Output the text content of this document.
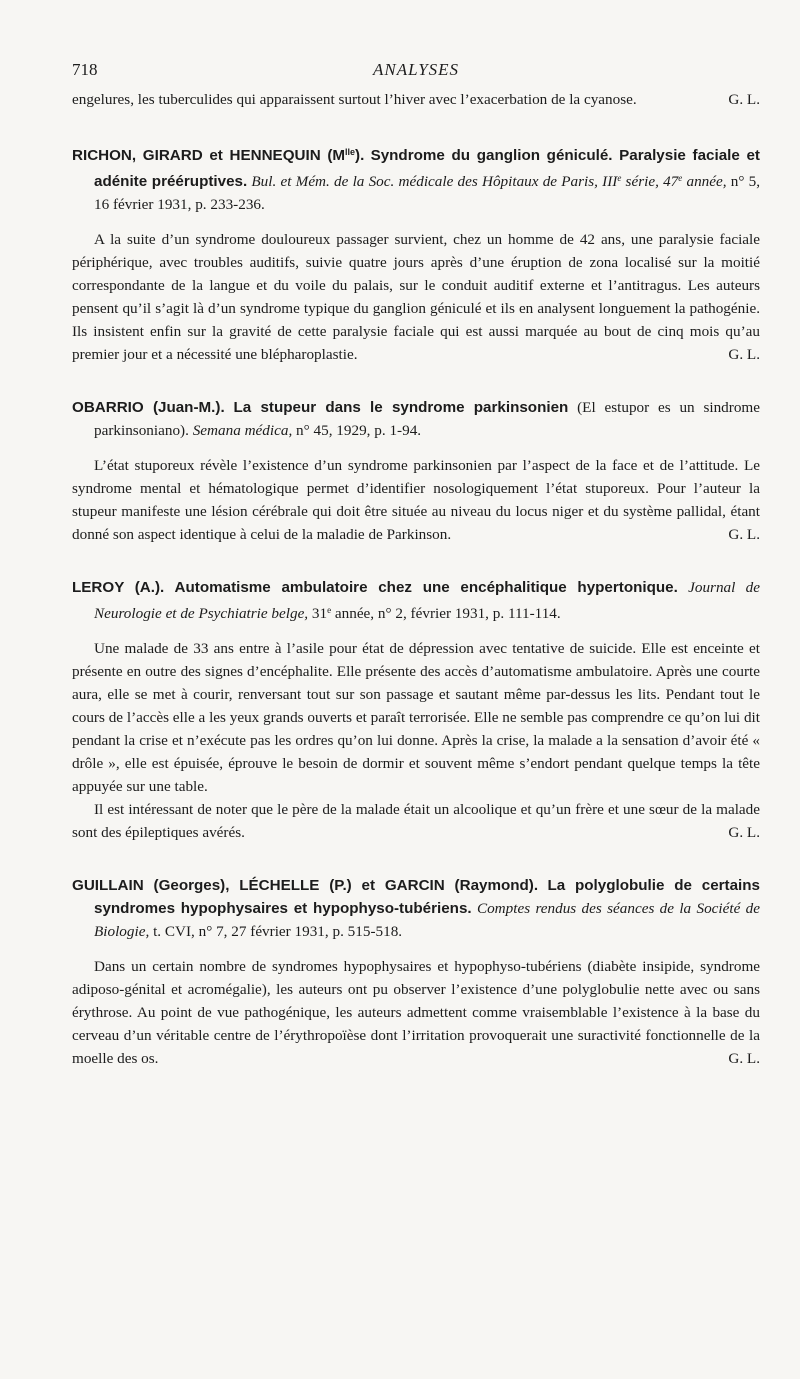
718	ANALYSES

engelures, les tuberculides qui apparaissent surtout l’hiver avec l’exacerbation de la cyanose.	G. L.

RICHON, GIRARD et HENNEQUIN $(M^{lle})$. Syndrome du ganglion géniculé. Paralysie faciale et adénite prééruptives. Bul. et Mém. de la Soc. médicale des Hôpitaux de Paris, IIIe série, 47e année, n° 5, 16 février 1931, p. 233-236.

A la suite d’un syndrome douloureux passager survient, chez un homme de 42 ans, une paralysie faciale périphérique, avec troubles auditifs, suivie quatre jours après d’une éruption de zona localisé sur la moitié correspondante de la langue et du voile du palais, sur le conduit auditif externe et l’antitragus. Les auteurs pensent qu’il s’agit là d’un syndrome typique du ganglion géniculé et ils en analysent longuement la pathogénie. Ils insistent enfin sur la gravité de cette paralysie faciale qui est aussi marquée au bout de cinq mois qu’au premier jour et a nécessité une blépharoplastie.	G. L.

OBARRIO (Juan-M.). La stupeur dans le syndrome parkinsonien (El estupor es un sindrome parkinsoniano). Semana médica, n° 45, 1929, p. 1-94.

L’état stuporeux révèle l’existence d’un syndrome parkinsonien par l’aspect de la face et de l’attitude. Le syndrome mental et hématologique permet d’identifier nosologiquement l’état stuporeux. Pour l’auteur la stupeur manifeste une lésion cérébrale qui doit être située au niveau du locus niger et du système pallidal, étant donné son aspect identique à celui de la maladie de Parkinson.	G. L.

LEROY (A.). Automatisme ambulatoire chez une encéphalitique hypertonique. Journal de Neurologie et de Psychiatrie belge, 31e année, n° 2, février 1931, p. 111-114.

Une malade de 33 ans entre à l’asile pour état de dépression avec tentative de suicide. Elle est enceinte et présente en outre des signes d’encéphalite. Elle présente des accès d’automatisme ambulatoire. Après une courte aura, elle se met à courir, renversant tout sur son passage et sautant même par-dessus les lits. Pendant tout le cours de l’accès elle a les yeux grands ouverts et paraît terrorisée. Elle ne semble pas comprendre ce qu’on lui dit pendant la crise et n’exécute pas les ordres qu’on lui donne. Après la crise, la malade a la sensation d’avoir été « drôle », elle est épuisée, éprouve le besoin de dormir et souvent même s’endort pendant quelque temps la tête appuyée sur une table.

Il est intéressant de noter que le père de la malade était un alcoolique et qu’un frère et une sœur de la malade sont des épileptiques avérés.	G. L.

GUILLAIN (Georges), LÉCHELLE (P.) et GARCIN (Raymond). La polyglobulie de certains syndromes hypophysaires et hypophyso-tubériens. Comptes rendus des séances de la Société de Biologie, t. CVI, n° 7, 27 février 1931, p. 515-518.

Dans un certain nombre de syndromes hypophysaires et hypophyso-tubériens (diabète insipide, syndrome adiposo-génital et acromégalie), les auteurs ont pu observer l’existence d’une polyglobulie nette avec ou sans érythrose. Au point de vue pathogénique, les auteurs admettent comme vraisemblable l’existence à la base du cerveau d’un véritable centre de l’érythropoïèse dont l’irritation provoquerait une suractivité fonctionnelle de la moelle des os.	G. L.
